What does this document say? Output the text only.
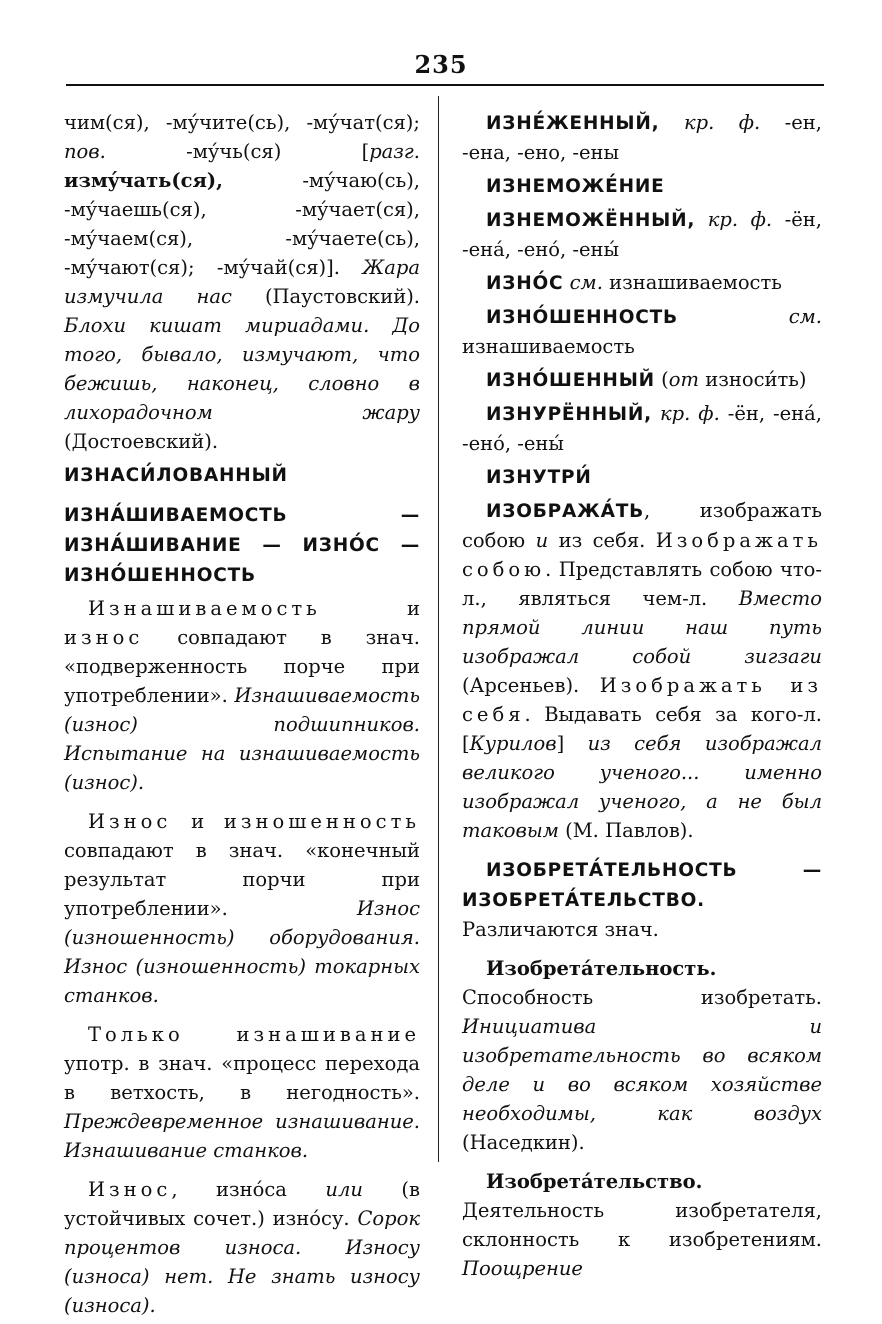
235

чим(ся), -му́чите(сь), -му́чат(ся); пов. -му́чь(ся) [разг. измýчать(ся), -му́чаю(сь), -му́чаешь(ся), -му́чает(ся), -му́чаем(ся), -му́чаете(сь), -му́чают(ся); -му́чай(ся)]. Жара измучила нас (Паустовский). Блохи кишат мириадами. До того, бывало, измучают, что бежишь, наконец, словно в лихорадочном жару (Достоевский).

ИЗНАСИ́ЛОВАННЫЙ

ИЗНА́ШИВАЕМОСТЬ — ИЗНА́ШИВАНИЕ — ИЗНО́С — ИЗНО́ШЕННОСТЬ

Изнашиваемость и износ совпадают в знач. «подверженность порче при употреблении». Изнашиваемость (износ) подшипников. Испытание на изнашиваемость (износ).

Износ и изношенность совпадают в знач. «конечный результат порчи при употреблении». Износ (изношенность) оборудования. Износ (изношенность) токарных станков.

Только	изнашивание употр. в знач. «процесс перехода в ветхость, в негодность». Преждевременное изнашивание. Изнашивание станков.

Износ, изно́са или (в устойчивых сочет.) изно́су. Сорок процентов износа. Износу (износа) нет. Не знать износу (износа).

ИЗНЕ́ЖЕННЫЙ, кр. ф. -ен, -ена, -ено, -ены

ИЗНЕМОЖЕ́НИЕ

ИЗНЕМОЖЁННЫЙ, кр. ф. -ён, -ена́, -ено́, -ены́

ИЗНО́С см. изнашиваемость

ИЗНО́ШЕННОСТЬ	см. изнашиваемость

ИЗНО́ШЕННЫЙ (от износи́ть)

ИЗНУРЁННЫЙ, кр. ф. -ён, -ена́, -ено́, -ены́

ИЗНУТРИ́

ИЗОБРАЖА́ТЬ, изображать собою и из себя. Изображать собою. Представлять собою что-л., являться чем-л. Вместо прямой линии наш путь изображал собой зигзаги (Арсеньев). Изображать из себя. Выдавать себя за кого-л. [Курилов] из себя изображал великого ученого... именно изображал ученого, а не был таковым (М. Павлов).

ИЗОБРЕТА́ТЕЛЬНОСТЬ — ИЗОБРЕТА́ТЕЛЬСТВО. Различаются знач.

Изобрета́тельность. Способность изобретать. Инициатива и изобретательность во всяком деле и во всяком хозяйстве необходимы, как воздух (Наседкин).

Изобрета́тельство. Деятельность изобретателя, склонность к изобретениям. Поощрение
